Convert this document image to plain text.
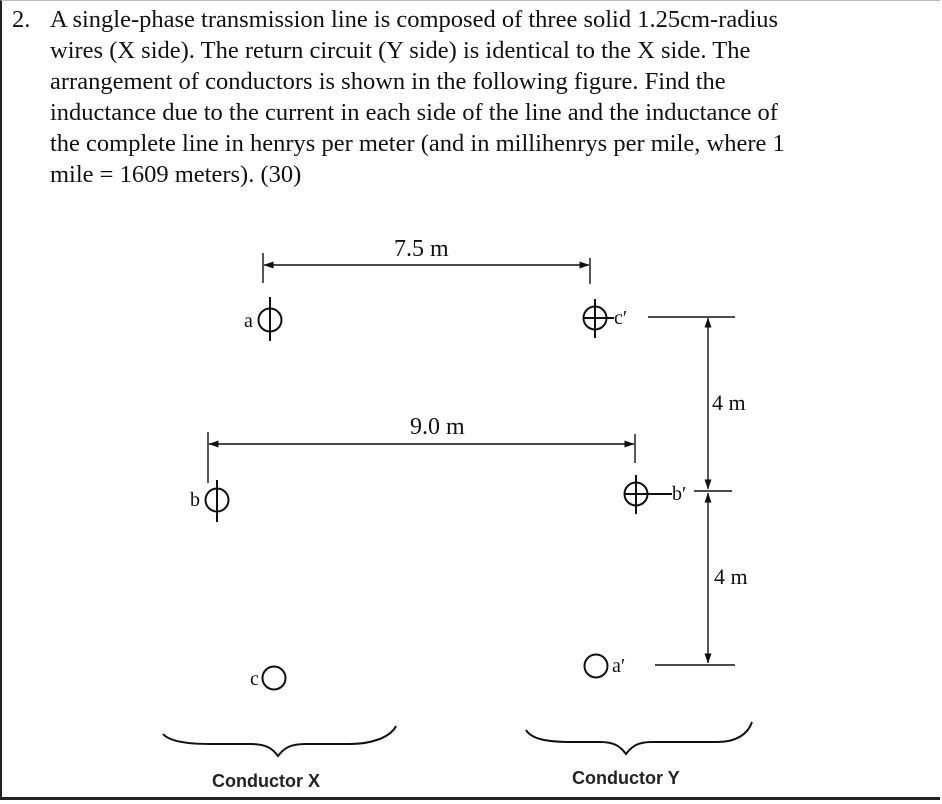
2. A single-phase transmission line is composed of three solid 1.25cm-radius
wires (X side). The return circuit (Y side) is identical to the X side. The
arrangement of conductors is shown in the following figure. Find the
inductance due to the current in each side of the line and the inductance of
the complete line in henrys per meter (and in millihenrys per mile, where 1
mile = 1609 meters). (30)
7.5 m
9.0 m
4 m
4 m
a
b
c
c′
b′
a′
Conductor X	Conductor Y
